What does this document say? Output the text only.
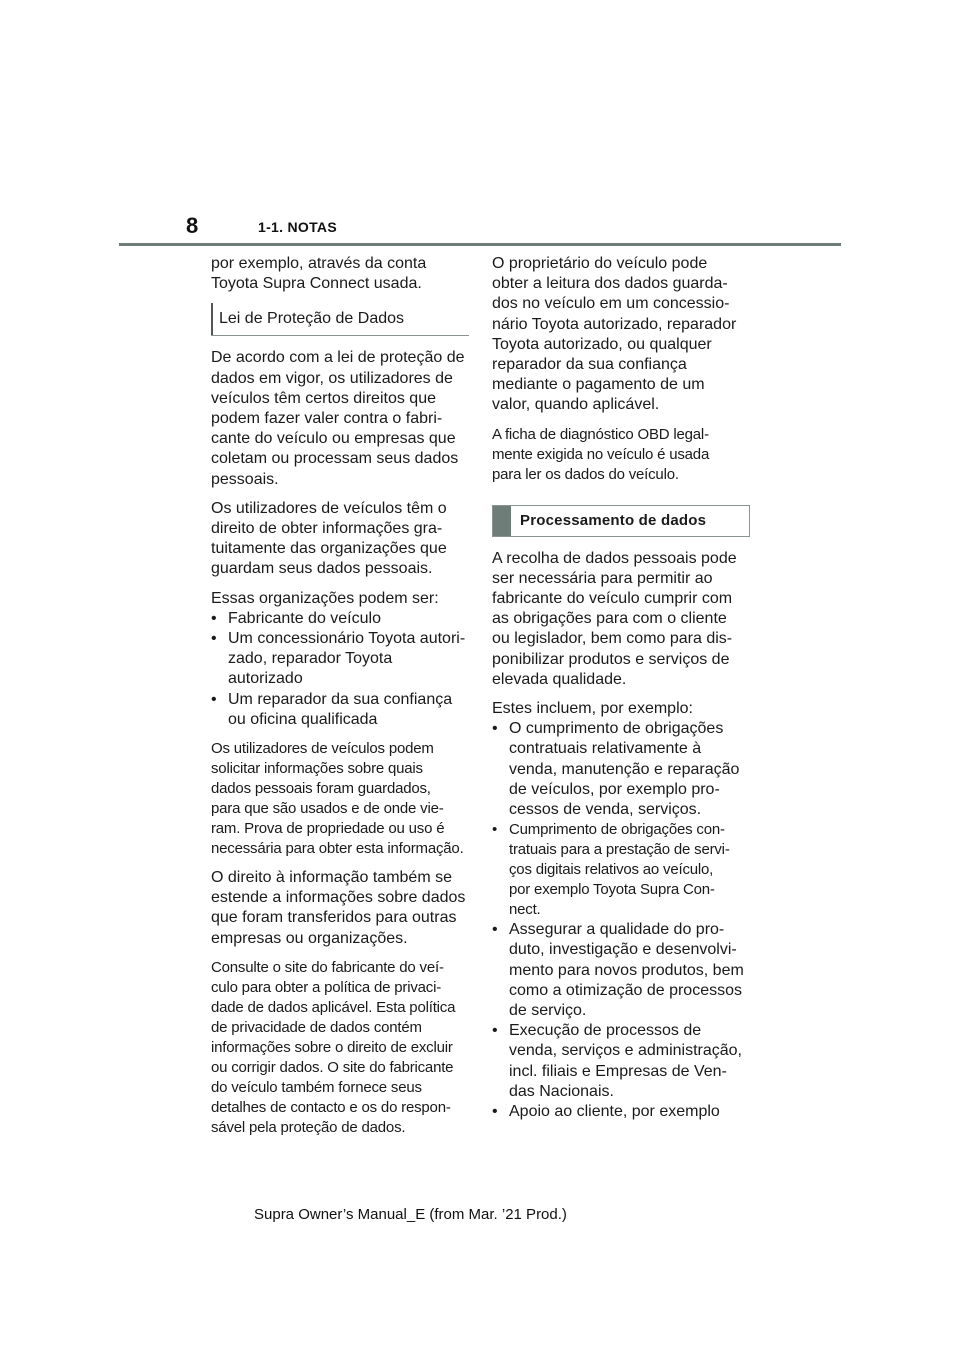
8	1-1. NOTAS

por exemplo, através da conta
Toyota Supra Connect usada.

Lei de Proteção de Dados

De acordo com a lei de proteção de
dados em vigor, os utilizadores de
veículos têm certos direitos que
podem fazer valer contra o fabri-
cante do veículo ou empresas que
coletam ou processam seus dados
pessoais.

Os utilizadores de veículos têm o
direito de obter informações gra-
tuitamente das organizações que
guardam seus dados pessoais.

Essas organizações podem ser:

• Fabricante do veículo
• Um concessionário Toyota autori-
zado, reparador Toyota autorizado
• Um reparador da sua confiança
ou oficina qualificada

Os utilizadores de veículos podem
solicitar informações sobre quais
dados pessoais foram guardados,
para que são usados e de onde vie-
ram. Prova de propriedade ou uso é
necessária para obter esta informação.

O direito à informação também se
estende a informações sobre dados
que foram transferidos para outras
empresas ou organizações.

Consulte o site do fabricante do veí-
culo para obter a política de privaci-
dade de dados aplicável. Esta política
de privacidade de dados contém
informações sobre o direito de excluir
ou corrigir dados. O site do fabricante
do veículo também fornece seus
detalhes de contacto e os do respon-
sável pela proteção de dados.

O proprietário do veículo pode
obter a leitura dos dados guarda-
dos no veículo em um concessio-
nário Toyota autorizado, reparador
Toyota autorizado, ou qualquer
reparador da sua confiança
mediante o pagamento de um
valor, quando aplicável.

A ficha de diagnóstico OBD legal-
mente exigida no veículo é usada
para ler os dados do veículo.

Processamento de dados

A recolha de dados pessoais pode
ser necessária para permitir ao
fabricante do veículo cumprir com
as obrigações para com o cliente
ou legislador, bem como para dis-
ponibilizar produtos e serviços de
elevada qualidade.

Estes incluem, por exemplo:

• O cumprimento de obrigações
contratuais relativamente à
venda, manutenção e reparação
de veículos, por exemplo pro-
cessos de venda, serviços.
• Cumprimento de obrigações con-
tratuais para a prestação de servi-
ços digitais relativos ao veículo,
por exemplo Toyota Supra Con-
nect.
• Assegurar a qualidade do pro-
duto, investigação e desenvolvi-
mento para novos produtos, bem
como a otimização de processos
de serviço.
• Execução de processos de
venda, serviços e administração,
incl. filiais e Empresas de Ven-
das Nacionais.
• Apoio ao cliente, por exemplo
Supra Owner’s Manual_E (from Mar. ’21 Prod.)
